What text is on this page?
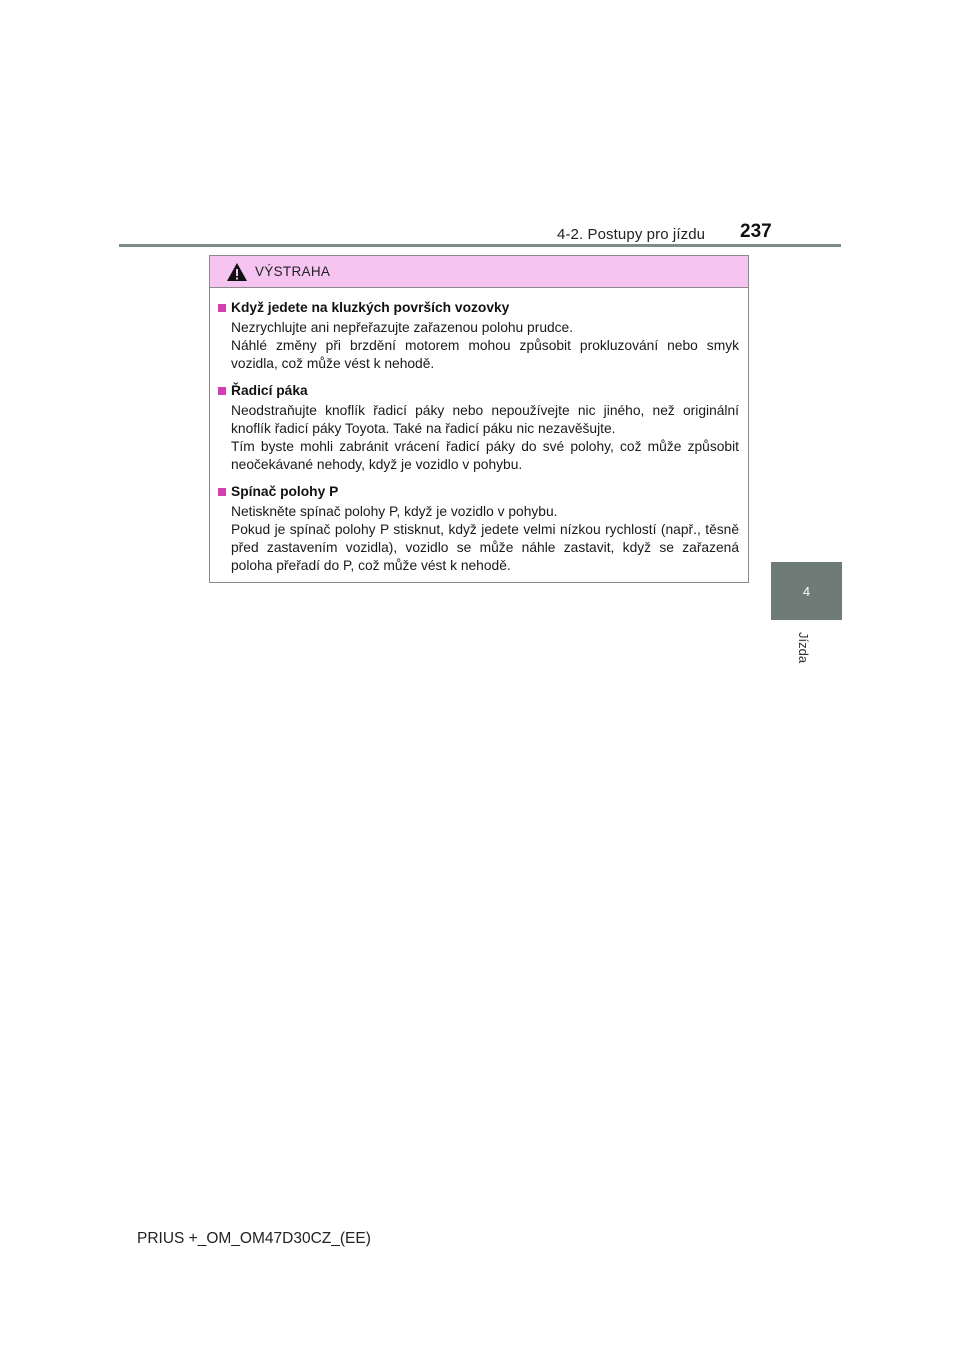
4-2. Postupy pro jízdu 237
4
Jízda
VÝSTRAHA
Když jedete na kluzkých površích vozovky

Nezrychlujte ani nepřeřazujte zařazenou polohu prudce.

Náhlé změny při brzdění motorem mohou způsobit prokluzování nebo smyk vozidla, což může vést k nehodě.

Řadicí páka

Neodstraňujte knoflík řadicí páky nebo nepoužívejte nic jiného, než originální knoflík řadicí páky Toyota. Také na řadicí páku nic nezavěšujte.

Tím byste mohli zabránit vrácení řadicí páky do své polohy, což může způsobit neočekávané nehody, když je vozidlo v pohybu.

Spínač polohy P

Netiskněte spínač polohy P, když je vozidlo v pohybu.

Pokud je spínač polohy P stisknut, když jedete velmi nízkou rychlostí (např., těsně před zastavením vozidla), vozidlo se může náhle zastavit, když se zařazená poloha přeřadí do P, což může vést k nehodě.

PRIUS +_OM_OM47D30CZ_(EE)
